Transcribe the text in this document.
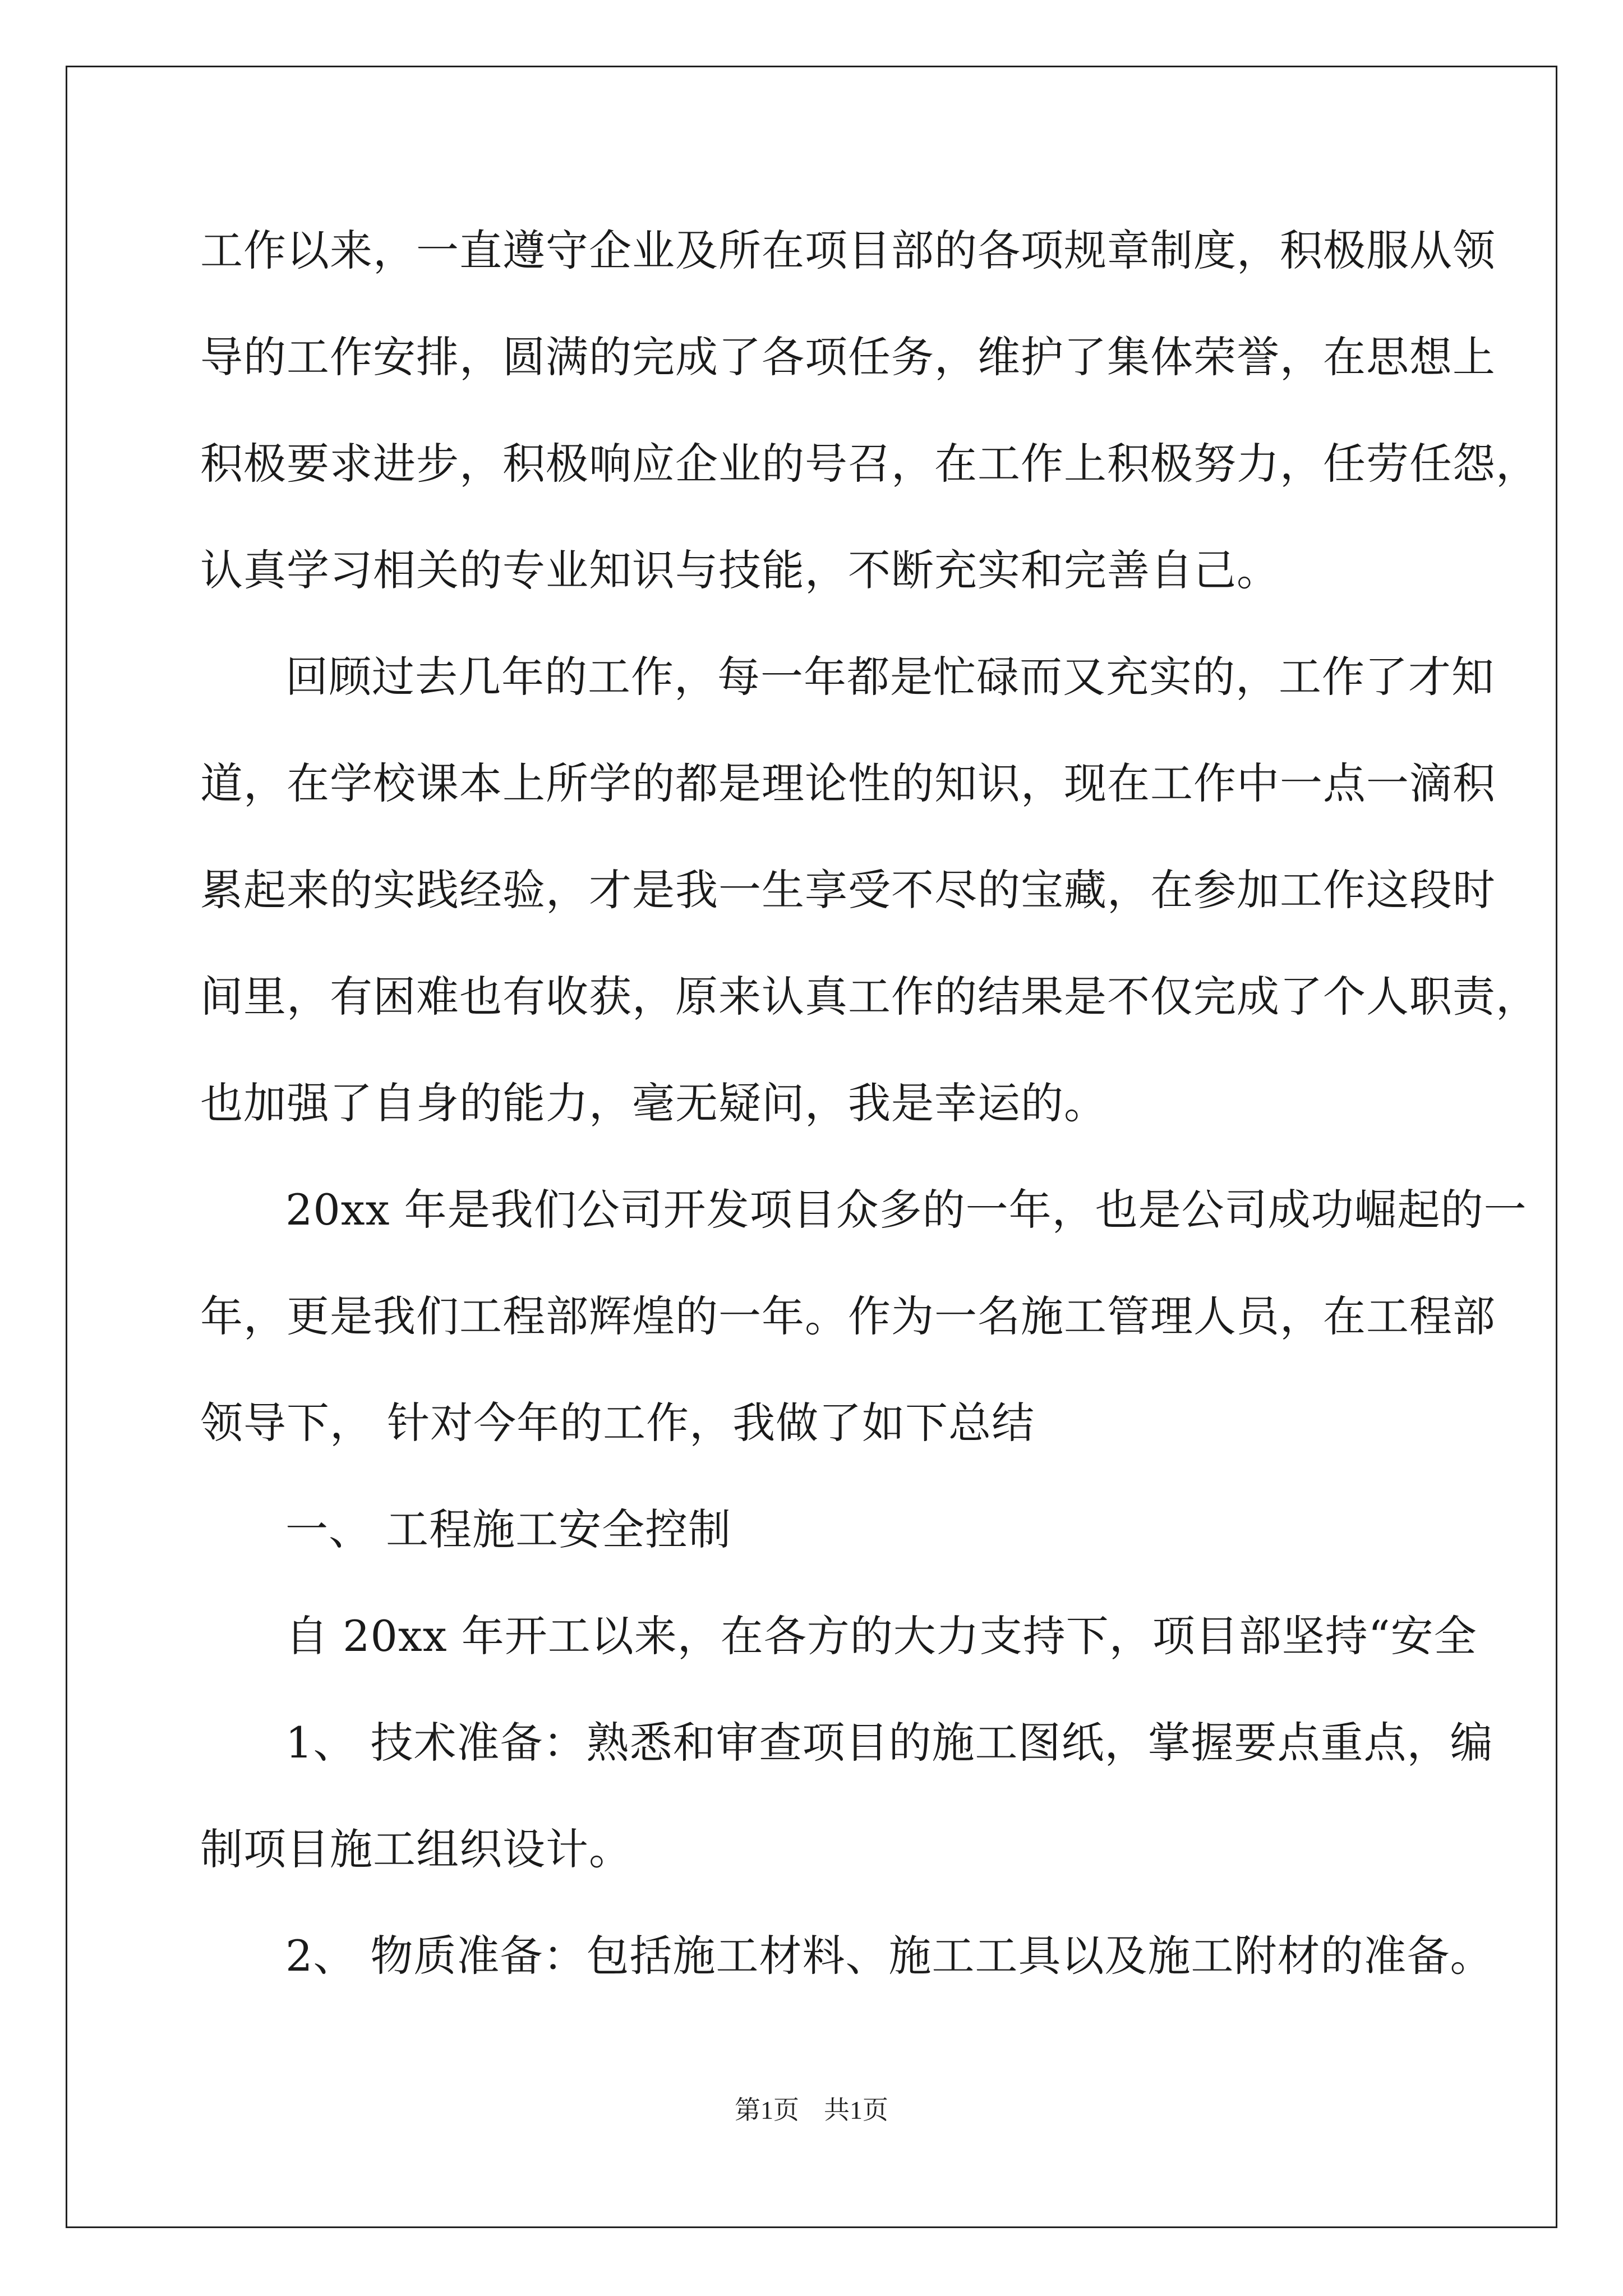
工作以来，一直遵守企业及所在项目部的各项规章制度，积极服从领
导的工作安排，圆满的完成了各项任务，维护了集体荣誉，在思想上
积极要求进步，积极响应企业的号召，在工作上积极努力，任劳任怨，
认真学习相关的专业知识与技能，不断充实和完善自己。
回顾过去几年的工作，每一年都是忙碌而又充实的，工作了才知
道，在学校课本上所学的都是理论性的知识，现在工作中一点一滴积
累起来的实践经验，才是我一生享受不尽的宝藏，在参加工作这段时
间里，有困难也有收获，原来认真工作的结果是不仅完成了个人职责，
也加强了自身的能力，毫无疑问，我是幸运的。
20xx 年是我们公司开发项目众多的一年，也是公司成功崛起的一
年，更是我们工程部辉煌的一年。作为一名施工管理人员，在工程部
领导下， 针对今年的工作，我做了如下总结
一、 工程施工安全控制
自 20xx 年开工以来，在各方的大力支持下，项目部坚持“安全
1、 技术准备：熟悉和审查项目的施工图纸，掌握要点重点，编
制项目施工组织设计。
2、 物质准备：包括施工材料、施工工具以及施工附材的准备。
第1页 共1页
